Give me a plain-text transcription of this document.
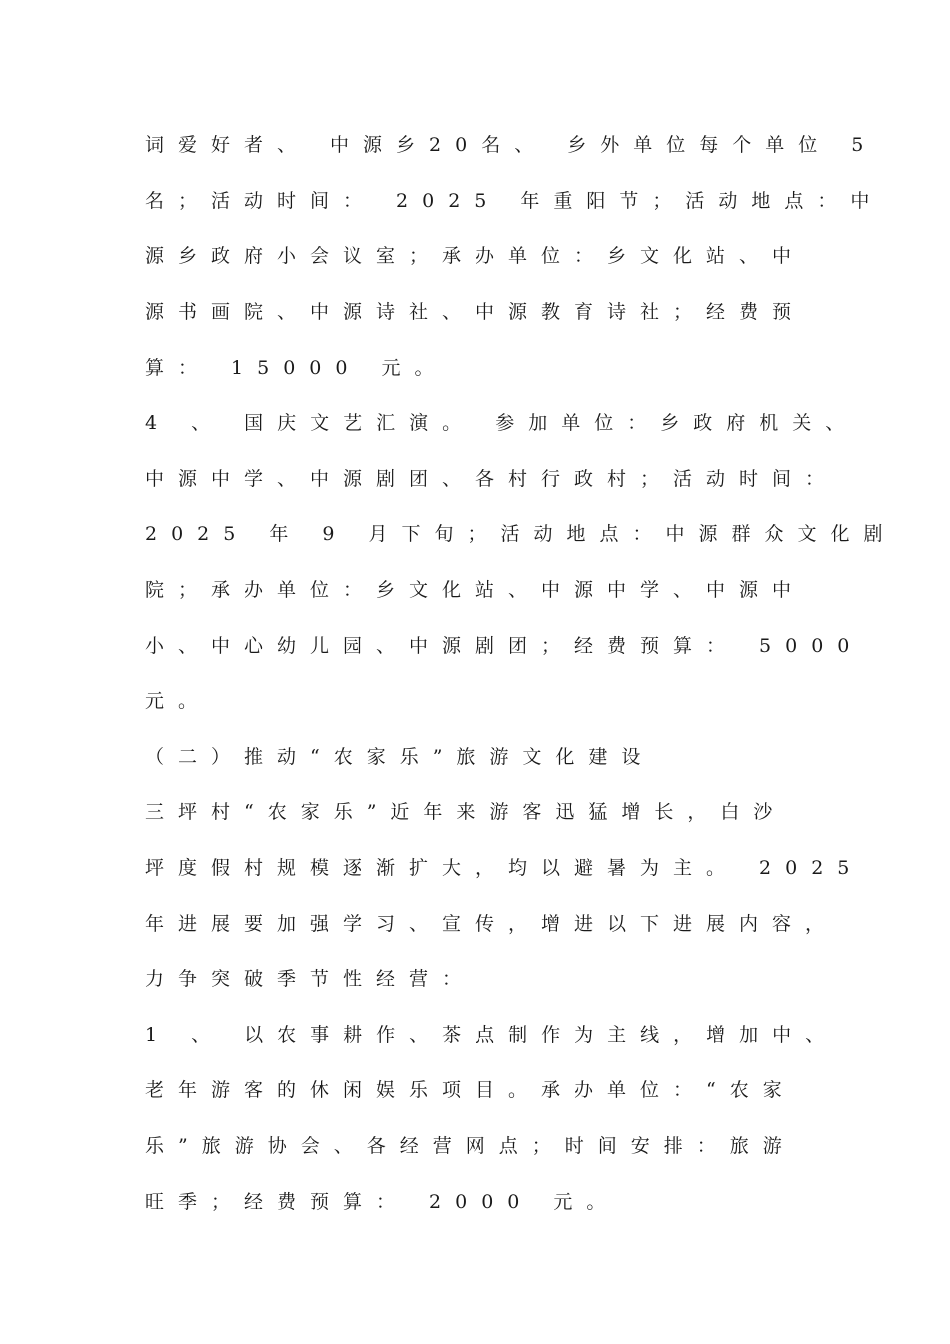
词爱好者、 中源乡20名、 乡外单位每个单位 5
名；活动时间： 2025 年重阳节；活动地点：中
源乡政府小会议室；承办单位：乡文化站、中
源书画院、中源诗社、中源教育诗社；经费预
算： 15000 元。
4 、 国庆文艺汇演。 参加单位：乡政府机关、
中源中学、中源剧团、各村行政村；活动时间：
2025 年 9 月下旬；活动地点：中源群众文化剧
院；承办单位：乡文化站、中源中学、中源中
小、中心幼儿园、中源剧团；经费预算： 5000
元。
（二）推动“农家乐”旅游文化建设
三坪村“农家乐”近年来游客迅猛增长，白沙
坪度假村规模逐渐扩大，均以避暑为主。 2025
年进展要加强学习、宣传，增进以下进展内容，
力争突破季节性经营：
1 、 以农事耕作、茶点制作为主线，增加中、
老年游客的休闲娱乐项目。承办单位：“农家
乐”旅游协会、各经营网点；时间安排：旅游
旺季；经费预算： 2000 元。
